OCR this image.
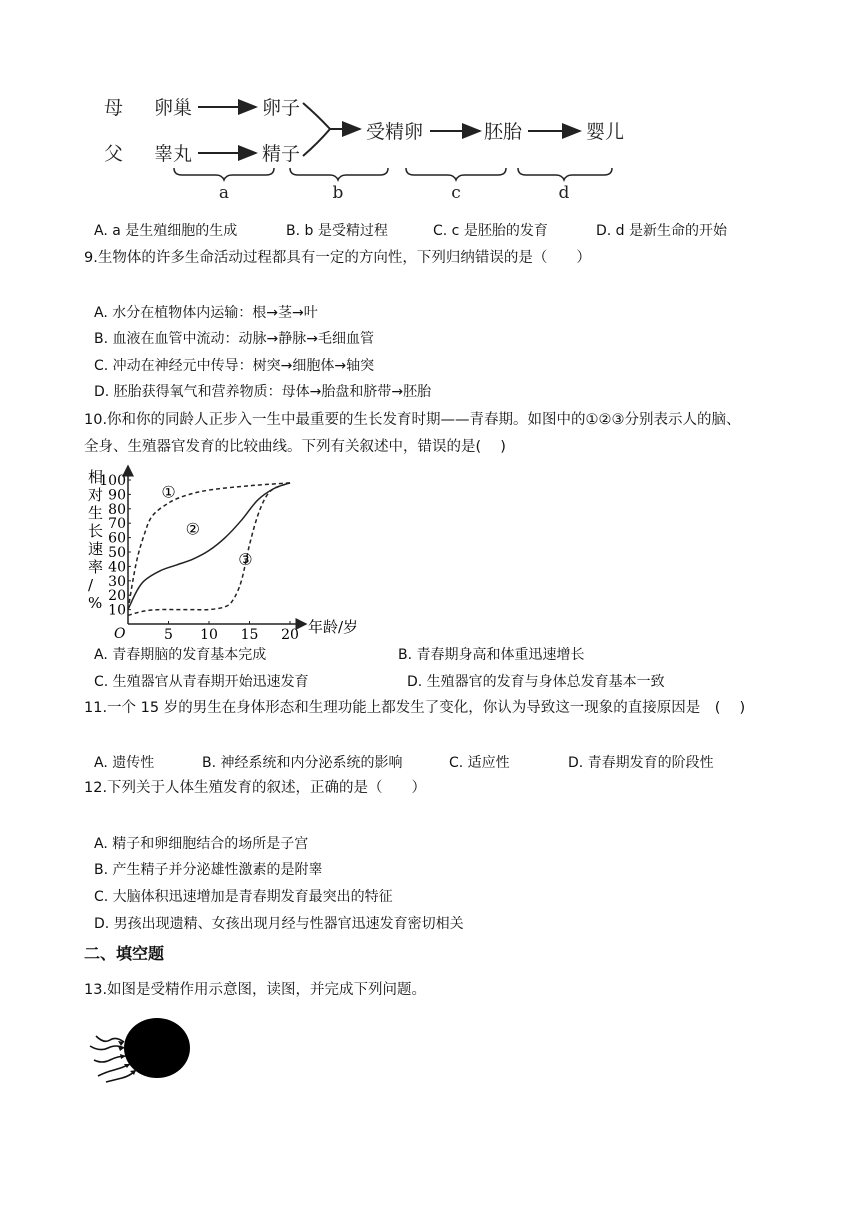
母
父
卵巢
睾丸
卵子
精子
受精卵	胚胎	婴儿
a	b	c	d
A. a 是生殖细胞的生成	B. b 是受精过程	C. c 是胚胎的发育	D. d 是新生命的开始
9.生物体的许多生命活动过程都具有一定的方向性，下列归纳错误的是（　　）
A. 水分在植物体内运输：根→茎→叶
B. 血液在血管中流动：动脉→静脉→毛细血管
C. 冲动在神经元中传导：树突→细胞体→轴突
D. 胚胎获得氧气和营养物质：母体→胎盘和脐带→胚胎
10.你和你的同龄人正步入一生中最重要的生长发育时期——青春期。如图中的①②③分别表示人的脑、
全身、生殖器官发育的比较曲线。下列有关叙述中，错误的是(　 )
相
对
生
长
速
率
/
%
O	年龄/岁
5 10 15 20
10
20
30
40
50
60
70
80
90
100
①
②
③
A. 青春期脑的发育基本完成	B. 青春期身高和体重迅速增长
C. 生殖器官从青春期开始迅速发育	D. 生殖器官的发育与身体总发育基本一致
11.一个 15 岁的男生在身体形态和生理功能上都发生了变化，你认为导致这一现象的直接原因是　(　 )
A. 遗传性	B. 神经系统和内分泌系统的影响	C. 适应性	D. 青春期发育的阶段性
12.下列关于人体生殖发育的叙述，正确的是（　　）
A. 精子和卵细胞结合的场所是子宫
B. 产生精子并分泌雄性激素的是附睾
C. 大脑体积迅速增加是青春期发育最突出的特征
D. 男孩出现遗精、女孩出现月经与性器官迅速发育密切相关
二、填空题
13.如图是受精作用示意图，读图，并完成下列问题。
